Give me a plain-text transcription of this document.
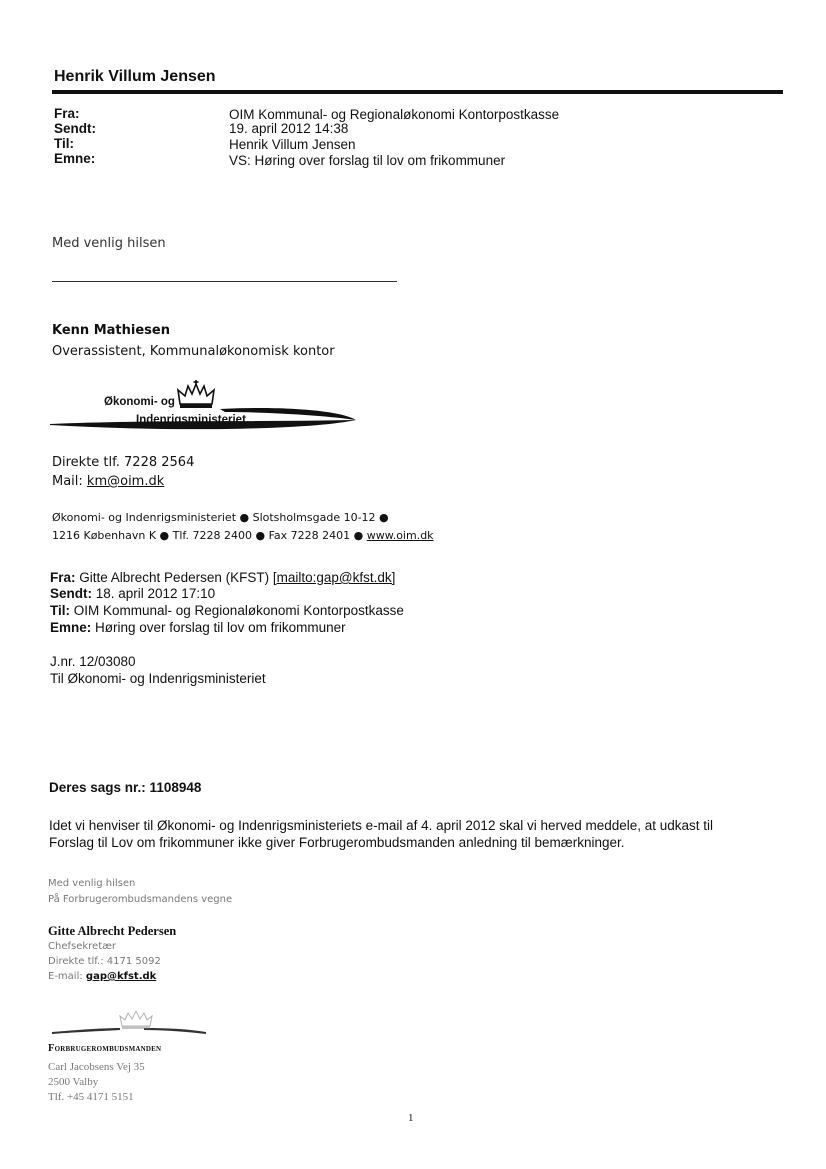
Henrik Villum Jensen
Fra:	OIM Kommunal- og Regionaløkonomi Kontorpostkasse
Sendt:	19. april 2012 14:38
Til:	Henrik Villum Jensen
Emne:	VS: Høring over forslag til lov om frikommuner
Med venlig hilsen
Kenn Mathiesen
Overassistent, Kommunaløkonomisk kontor
Økonomi- og
Indenrigsministeriet
Direkte tlf. 7228 2564
Mail: km@oim.dk
Økonomi- og Indenrigsministeriet ● Slotsholmsgade 10-12 ●
1216 København K ● Tlf. 7228 2400 ● Fax 7228 2401 ● www.oim.dk
Fra: Gitte Albrecht Pedersen (KFST) [mailto:gap@kfst.dk]
Sendt: 18. april 2012 17:10
Til: OIM Kommunal- og Regionaløkonomi Kontorpostkasse
Emne: Høring over forslag til lov om frikommuner
J.nr. 12/03080
Til Økonomi- og Indenrigsministeriet
Deres sags nr.: 1108948
Idet vi henviser til Økonomi- og Indenrigsministeriets e-mail af 4. april 2012 skal vi herved meddele, at udkast til
Forslag til Lov om frikommuner ikke giver Forbrugerombudsmanden anledning til bemærkninger.
Med venlig hilsen
På Forbrugerombudsmandens vegne
Gitte Albrecht Pedersen
Chefsekretær
Direkte tlf.: 4171 5092
E-mail: gap@kfst.dk
Forbrugerombudsmanden
Carl Jacobsens Vej 35
2500 Valby
Tlf. +45 4171 5151
1
